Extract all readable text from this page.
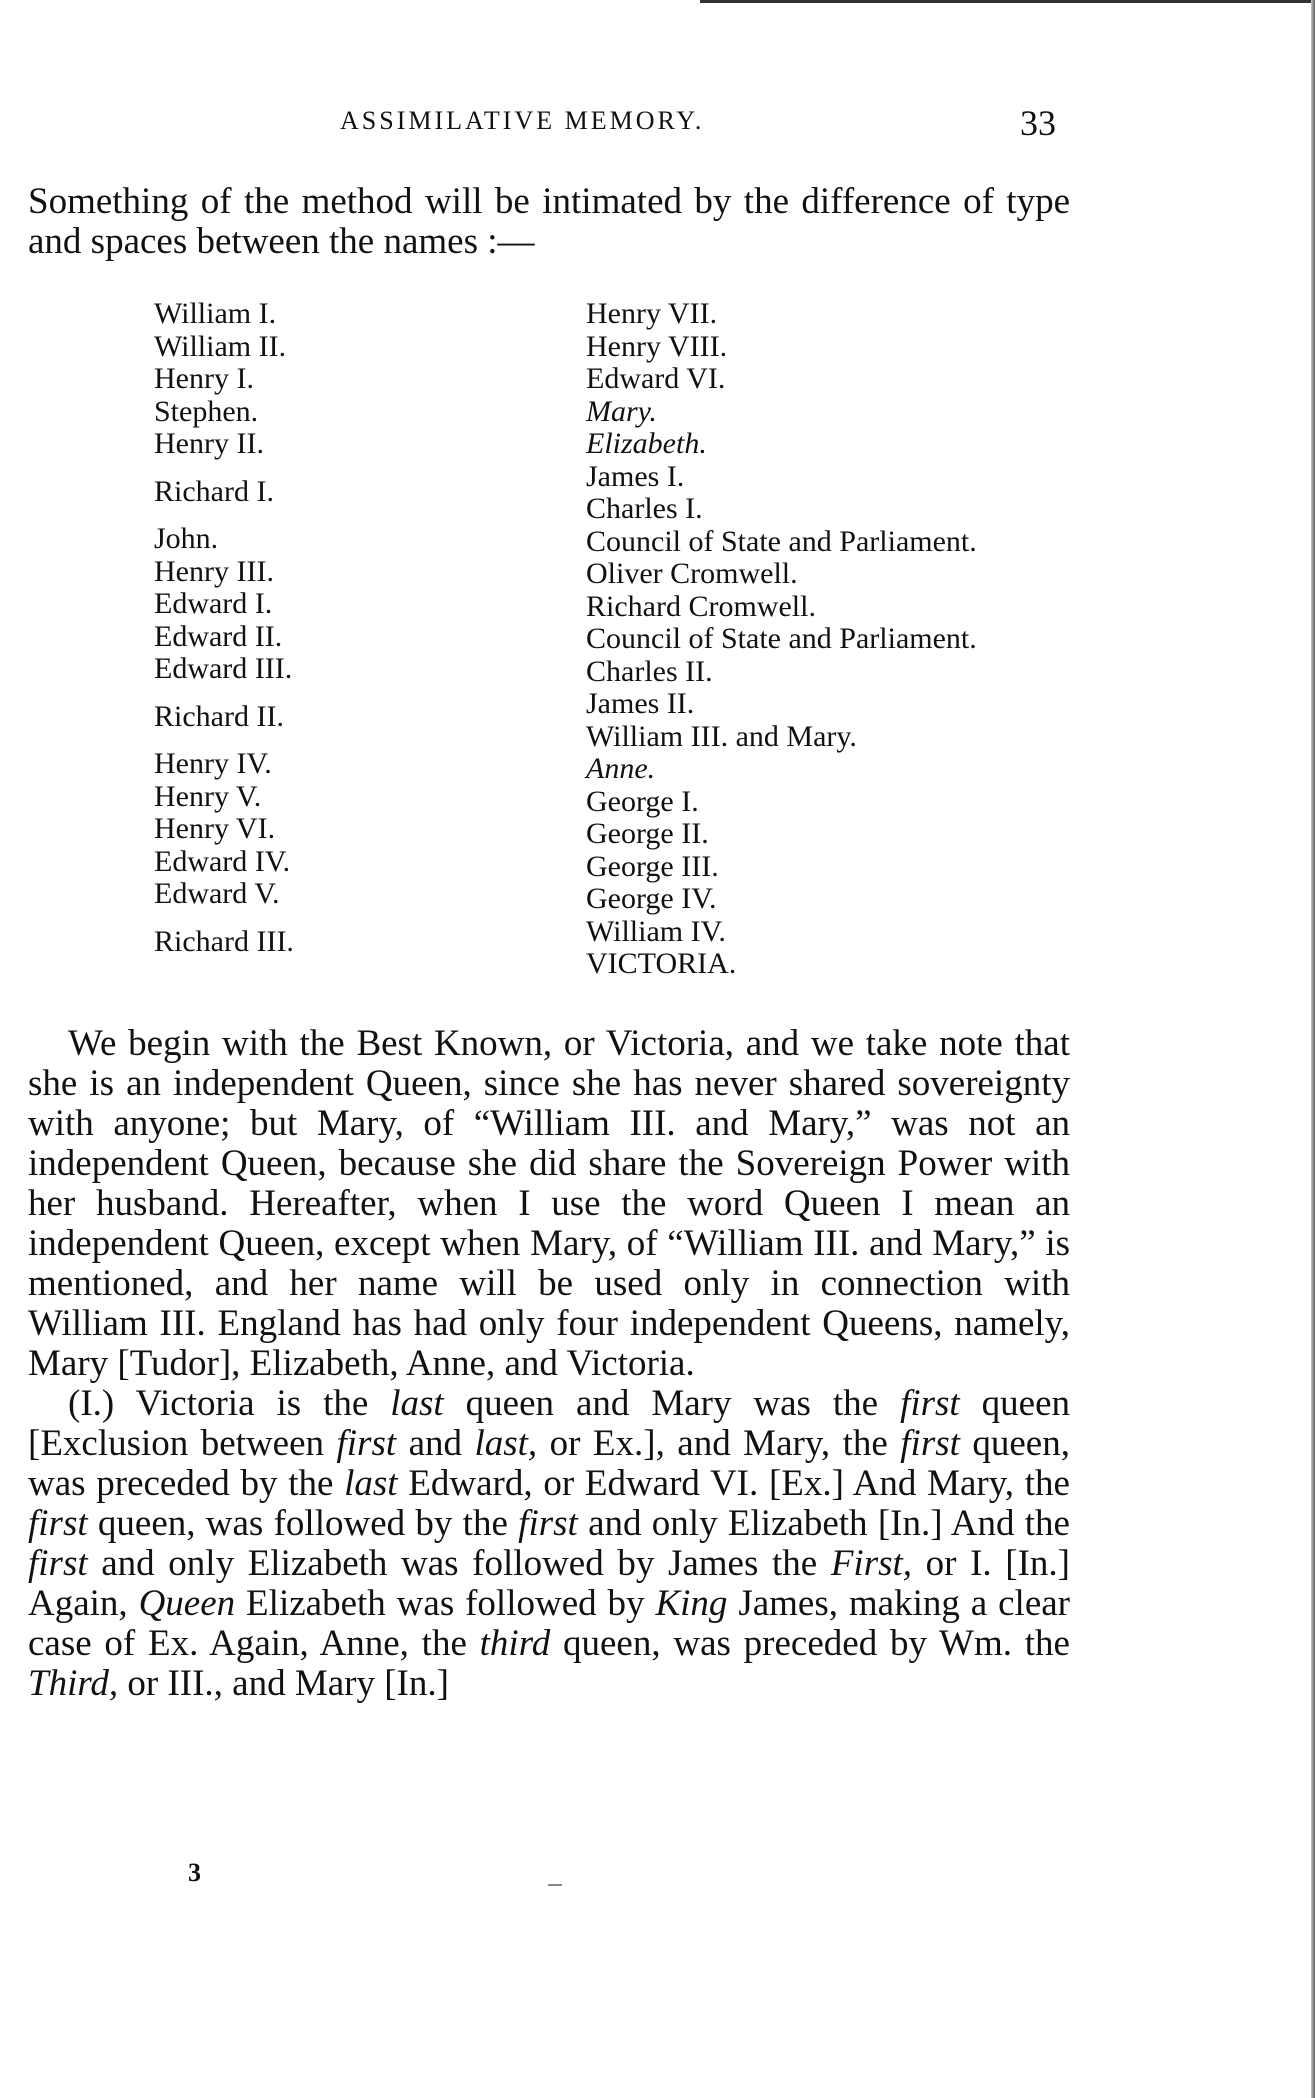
ASSIMILATIVE MEMORY.	33

Something of the method will be intimated by the difference of type and spaces between the names :—

William I.
William II.
Henry I.
Stephen.
Henry II.
Richard I.
John.
Henry III.
Edward I.
Edward II.
Edward III.
Richard II.
Henry IV.
Henry V.
Henry VI.
Edward IV.
Edward V.
Richard III.
Henry VII.
Henry VIII.
Edward VI.
Mary.
Elizabeth.
James I.
Charles I.
Council of State and Parliament.
Oliver Cromwell.
Richard Cromwell.
Council of State and Parliament.
Charles II.
James II.
William III. and Mary.
Anne.
George I.
George II.
George III.
George IV.
William IV.
VICTORIA.

We begin with the Best Known, or Victoria, and we take note that she is an independent Queen, since she has never shared sovereignty with anyone; but Mary, of “William III. and Mary,” was not an independent Queen, because she did share the Sovereign Power with her husband. Hereafter, when I use the word Queen I mean an independent Queen, except when Mary, of “William III. and Mary,” is mentioned, and her name will be used only in connection with William III. England has had only four independent Queens, namely, Mary [Tudor], Elizabeth, Anne, and Victoria.

(I.) Victoria is the last queen and Mary was the first queen [Exclusion between first and last, or Ex.], and Mary, the first queen, was preceded by the last Edward, or Edward VI. [Ex.] And Mary, the first queen, was followed by the first and only Elizabeth [In.] And the first and only Elizabeth was followed by James the First, or I. [In.] Again, Queen Elizabeth was followed by King James, making a clear case of Ex. Again, Anne, the third queen, was preceded by Wm. the Third, or III., and Mary [In.]

3
